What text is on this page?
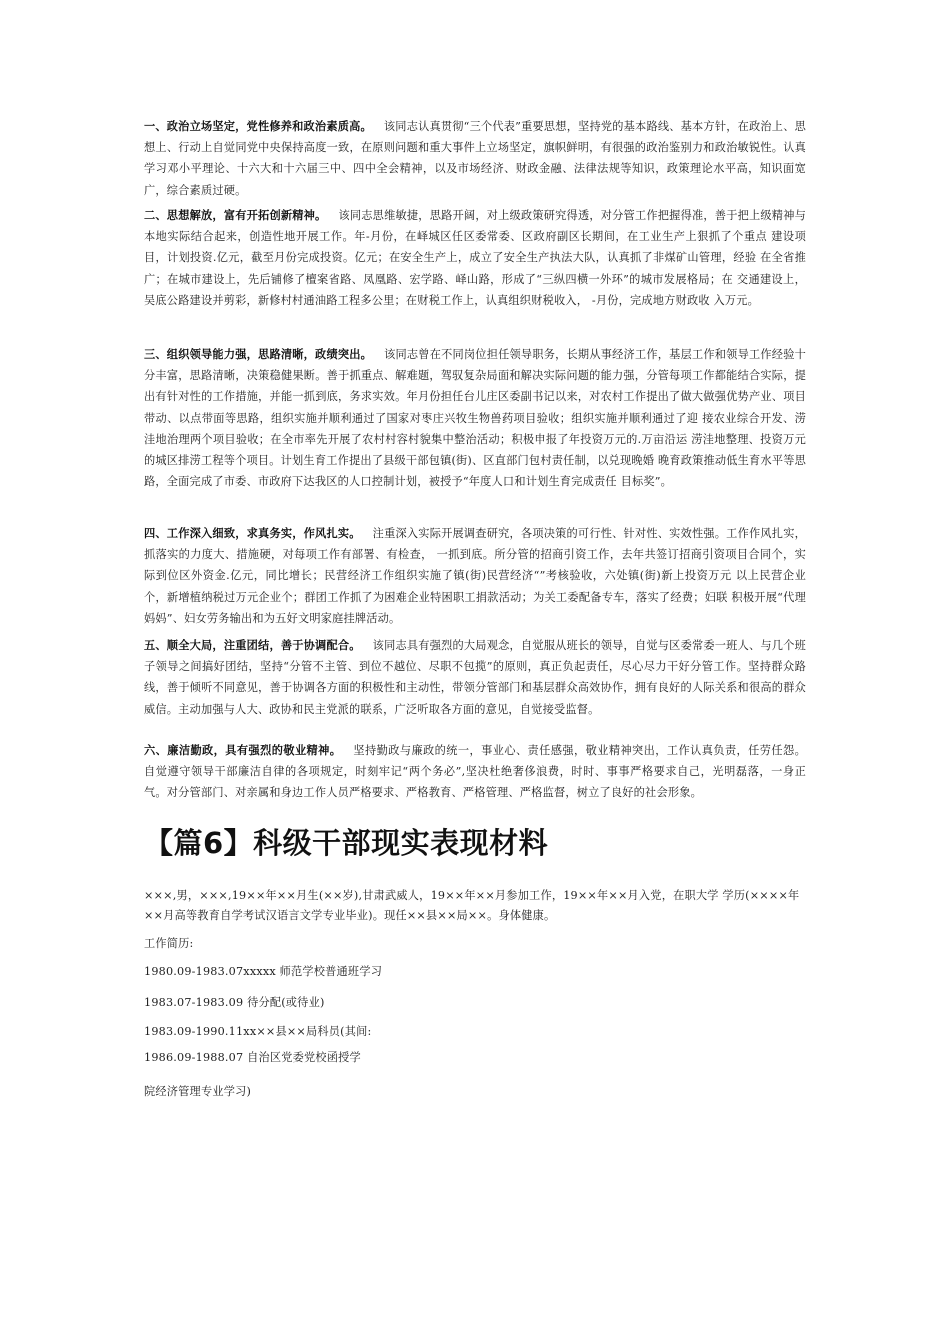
一、政治立场坚定，党性修养和政治素质高。 该同志认真贯彻“三个代表”重要思想，坚持党的基本路线、基本方针，在政治上、思想上、行动上自觉同党中央保持高度一致，在原则问题和重大事件上立场坚定，旗帜鲜明，有很强的政治鉴别力和政治敏锐性。认真学习邓小平理论、十六大和十六届三中、四中全会精神，以及市场经济、财政金融、法律法规等知识，政策理论水平高，知识面宽广，综合素质过硬。

二、思想解放，富有开拓创新精神。 该同志思维敏捷，思路开阔，对上级政策研究得透，对分管工作把握得准，善于把上级精神与本地实际结合起来，创造性地开展工作。年-月份，在峄城区任区委常委、区政府副区长期间，在工业生产上狠抓了个重点 建设项目，计划投资.亿元，截至月份完成投资。亿元；在安全生产上，成立了安全生产执法大队，认真抓了非煤矿山管理，经验 在全省推广；在城市建设上，先后铺修了檀案省路、凤凰路、宏学路、峄山路，形成了“三纵四横一外环”的城市发展格局；在 交通建设上，吴底公路建设并剪彩，新修村村通油路工程多公里；在财税工作上，认真组织财税收入， -月份，完成地方财政收 入万元。

三、组织领导能力强，思路清晰，政绩突出。 该同志曾在不同岗位担任领导职务，长期从事经济工作，基层工作和领导工作经验十分丰富，思路清晰，决策稳健果断。善于抓重点、解难题，驾驭复杂局面和解决实际问题的能力强，分管每项工作都能结合实际，提出有针对性的工作措施，并能一抓到底，务求实效。年月份担任台儿庄区委副书记以来，对农村工作提出了做大做强优势产业、项目带动、以点带面等思路，组织实施并顺利通过了国家对枣庄兴牧生物兽药项目验收；组织实施并顺利通过了迎 接农业综合开发、涝洼地治理两个项目验收；在全市率先开展了农村村容村貌集中整治活动；积极申报了年投资万元的.万亩沿运 涝洼地整理、投资万元的城区排涝工程等个项目。计划生育工作提出了县级干部包镇(街)、区直部门包村责任制，以兑现晚婚 晚育政策推动低生育水平等思路，全面完成了市委、市政府下达我区的人口控制计划，被授予“年度人口和计划生育完成责任 目标奖”。

四、工作深入细致，求真务实，作风扎实。 注重深入实际开展调查研究，各项决策的可行性、针对性、实效性强。工作作风扎实，抓落实的力度大、措施硬，对每项工作有部署、有检查， 一抓到底。所分管的招商引资工作，去年共签订招商引资项目合同个，实际到位区外资金.亿元，同比增长；民营经济工作组织实施了镇(街)民营经济“”考核验收，六处镇(街)新上投资万元 以上民营企业个，新增植纳税过万元企业个；群团工作抓了为困难企业特困职工捐款活动；为关工委配备专车，落实了经费；妇联 积极开展“代理妈妈”、妇女劳务输出和为五好文明家庭挂牌活动。

五、顺全大局，注重团结，善于协调配合。 该同志具有强烈的大局观念，自觉服从班长的领导，自觉与区委常委一班人、与几个班子领导之间搞好团结，坚持“分管不主管、到位不越位、尽职不包揽”的原则，真正负起责任，尽心尽力干好分管工作。坚持群众路线，善于倾听不同意见，善于协调各方面的积极性和主动性，带领分管部门和基层群众高效协作，拥有良好的人际关系和很高的群众威信。主动加强与人大、政协和民主党派的联系，广泛听取各方面的意见，自觉接受监督。

六、廉洁勤政，具有强烈的敬业精神。 坚持勤政与廉政的统一，事业心、责任感强，敬业精神突出，工作认真负责，任劳任怨。 自觉遵守领导干部廉洁自律的各项规定，时刻牢记“两个务必”,坚决杜绝奢侈浪费，时时、事事严格要求自己，光明磊落，一身正气。对分管部门、对亲属和身边工作人员严格要求、严格教育、严格管理、严格监督，树立了良好的社会形象。

【篇6】科级干部现实表现材料

×××,男，×××,19××年××月生(××岁),甘肃武威人，19××年××月参加工作，19××年××月入党，在职大学 学历(××××年××月高等教育自学考试汉语言文学专业毕业)。现任××县××局××。身体健康。

工作简历:

1980.09-1983.07xxxxx 师范学校普通班学习

1983.07-1983.09 待分配(或待业)

1983.09-1990.11xx××县××局科员(其间:

1986.09-1988.07 自治区党委党校函授学

院经济管理专业学习)
